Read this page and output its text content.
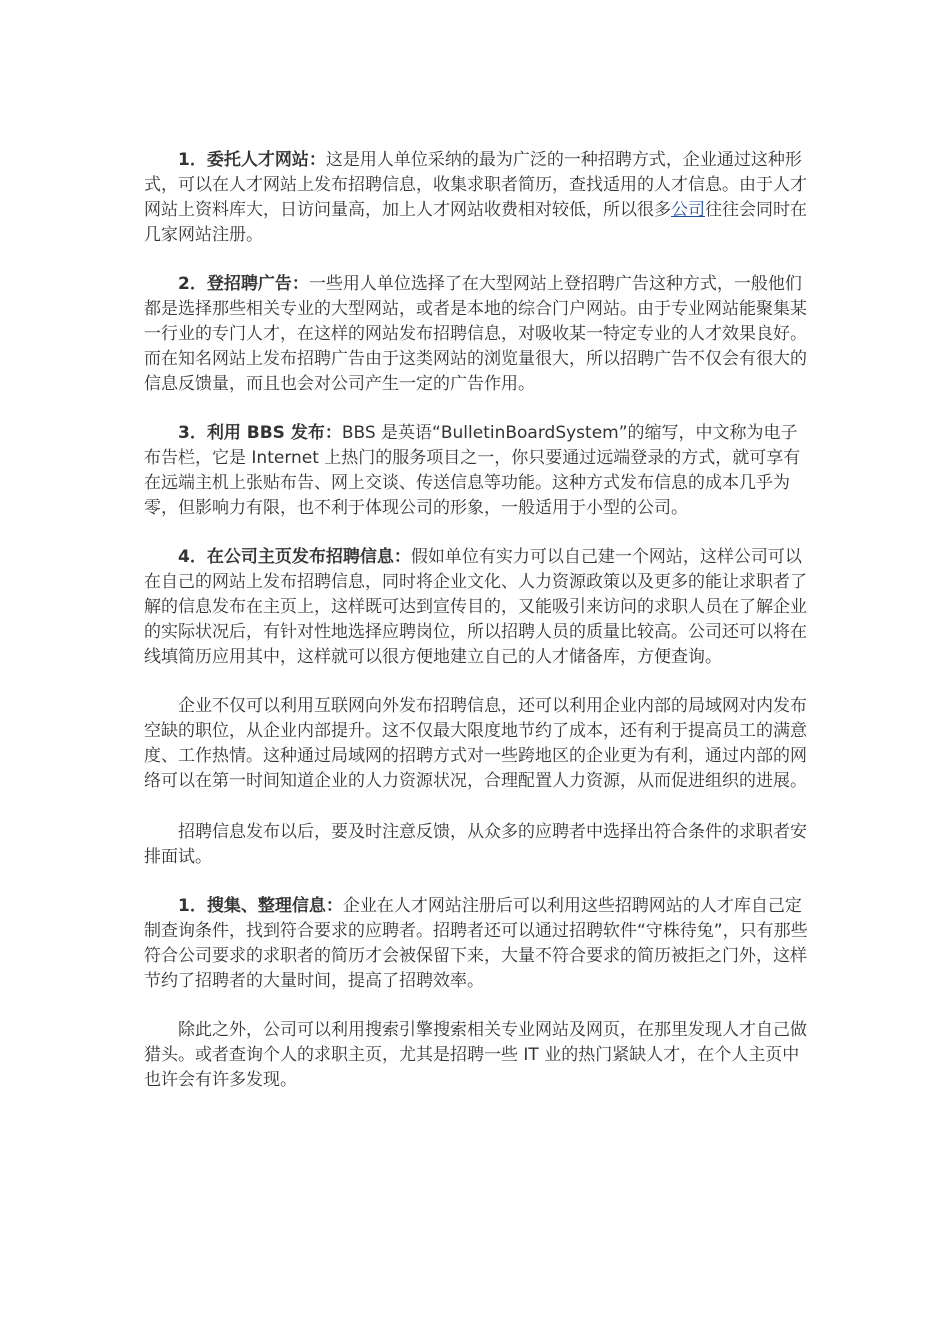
1．委托人才网站：这是用人单位采纳的最为广泛的一种招聘方式，企业通过这种形式，可以在人才网站上发布招聘信息，收集求职者简历，查找适用的人才信息。由于人才网站上资料库大，日访问量高，加上人才网站收费相对较低，所以很多公司往往会同时在几家网站注册。

2．登招聘广告：一些用人单位选择了在大型网站上登招聘广告这种方式，一般他们都是选择那些相关专业的大型网站，或者是本地的综合门户网站。由于专业网站能聚集某一行业的专门人才，在这样的网站发布招聘信息，对吸收某一特定专业的人才效果良好。而在知名网站上发布招聘广告由于这类网站的浏览量很大，所以招聘广告不仅会有很大的信息反馈量，而且也会对公司产生一定的广告作用。

3．利用 BBS 发布：BBS 是英语“BulletinBoardSystem”的缩写，中文称为电子布告栏，它是 Internet 上热门的服务项目之一，你只要通过远端登录的方式，就可享有在远端主机上张贴布告、网上交谈、传送信息等功能。这种方式发布信息的成本几乎为零，但影响力有限，也不利于体现公司的形象，一般适用于小型的公司。

4．在公司主页发布招聘信息：假如单位有实力可以自己建一个网站，这样公司可以在自己的网站上发布招聘信息，同时将企业文化、人力资源政策以及更多的能让求职者了解的信息发布在主页上，这样既可达到宣传目的，又能吸引来访问的求职人员在了解企业的实际状况后，有针对性地选择应聘岗位，所以招聘人员的质量比较高。公司还可以将在线填简历应用其中，这样就可以很方便地建立自己的人才储备库，方便查询。

企业不仅可以利用互联网向外发布招聘信息，还可以利用企业内部的局域网对内发布空缺的职位，从企业内部提升。这不仅最大限度地节约了成本，还有利于提高员工的满意度、工作热情。这种通过局域网的招聘方式对一些跨地区的企业更为有利，通过内部的网络可以在第一时间知道企业的人力资源状况，合理配置人力资源，从而促进组织的进展。

招聘信息发布以后，要及时注意反馈，从众多的应聘者中选择出符合条件的求职者安排面试。

1．搜集、整理信息：企业在人才网站注册后可以利用这些招聘网站的人才库自己定制查询条件，找到符合要求的应聘者。招聘者还可以通过招聘软件“守株待兔”，只有那些符合公司要求的求职者的简历才会被保留下来，大量不符合要求的简历被拒之门外，这样节约了招聘者的大量时间，提高了招聘效率。

除此之外，公司可以利用搜索引擎搜索相关专业网站及网页，在那里发现人才自己做猎头。或者查询个人的求职主页，尤其是招聘一些 IT 业的热门紧缺人才，在个人主页中也许会有许多发现。
